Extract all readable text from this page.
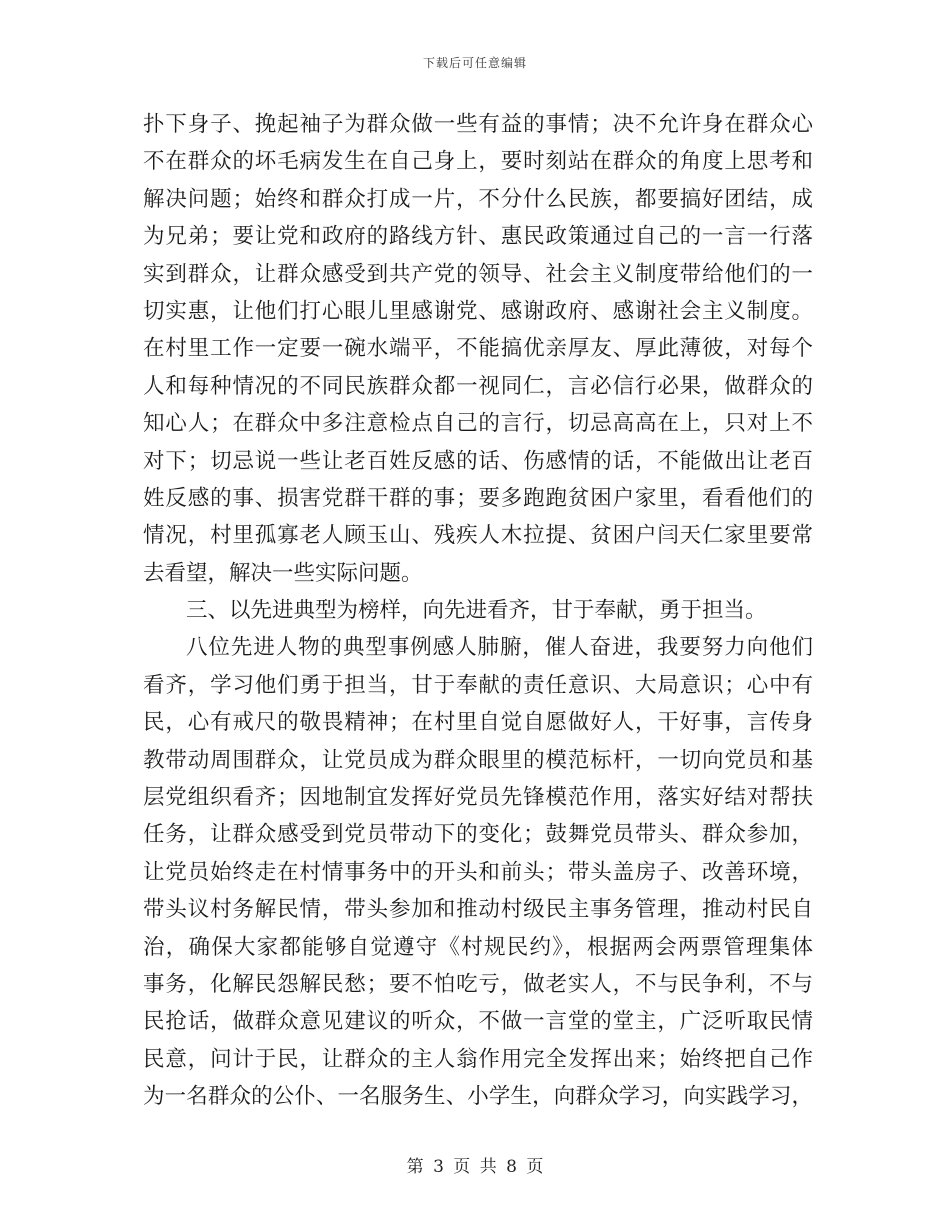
下载后可任意编辑
扑下身子、挽起袖子为群众做一些有益的事情；决不允许身在群众心
不在群众的坏毛病发生在自己身上，要时刻站在群众的角度上思考和
解决问题；始终和群众打成一片，不分什么民族，都要搞好团结，成
为兄弟；要让党和政府的路线方针、惠民政策通过自己的一言一行落
实到群众，让群众感受到共产党的领导、社会主义制度带给他们的一
切实惠，让他们打心眼儿里感谢党、感谢政府、感谢社会主义制度。
在村里工作一定要一碗水端平，不能搞优亲厚友、厚此薄彼，对每个
人和每种情况的不同民族群众都一视同仁，言必信行必果，做群众的
知心人；在群众中多注意检点自己的言行，切忌高高在上，只对上不
对下；切忌说一些让老百姓反感的话、伤感情的话，不能做出让老百
姓反感的事、损害党群干群的事；要多跑跑贫困户家里，看看他们的
情况，村里孤寡老人顾玉山、残疾人木拉提、贫困户闫天仁家里要常
去看望，解决一些实际问题。
三、以先进典型为榜样，向先进看齐，甘于奉献，勇于担当。
八位先进人物的典型事例感人肺腑，催人奋进，我要努力向他们
看齐，学习他们勇于担当，甘于奉献的责任意识、大局意识；心中有
民，心有戒尺的敬畏精神；在村里自觉自愿做好人，干好事，言传身
教带动周围群众，让党员成为群众眼里的模范标杆，一切向党员和基
层党组织看齐；因地制宜发挥好党员先锋模范作用，落实好结对帮扶
任务，让群众感受到党员带动下的变化；鼓舞党员带头、群众参加，
让党员始终走在村情事务中的开头和前头；带头盖房子、改善环境，
带头议村务解民情，带头参加和推动村级民主事务管理，推动村民自
治，确保大家都能够自觉遵守《村规民约》，根据两会两票管理集体
事务，化解民怨解民愁；要不怕吃亏，做老实人，不与民争利，不与
民抢话，做群众意见建议的听众，不做一言堂的堂主，广泛听取民情
民意，问计于民，让群众的主人翁作用完全发挥出来；始终把自己作
为一名群众的公仆、一名服务生、小学生，向群众学习，向实践学习，
第 3 页 共 8 页
